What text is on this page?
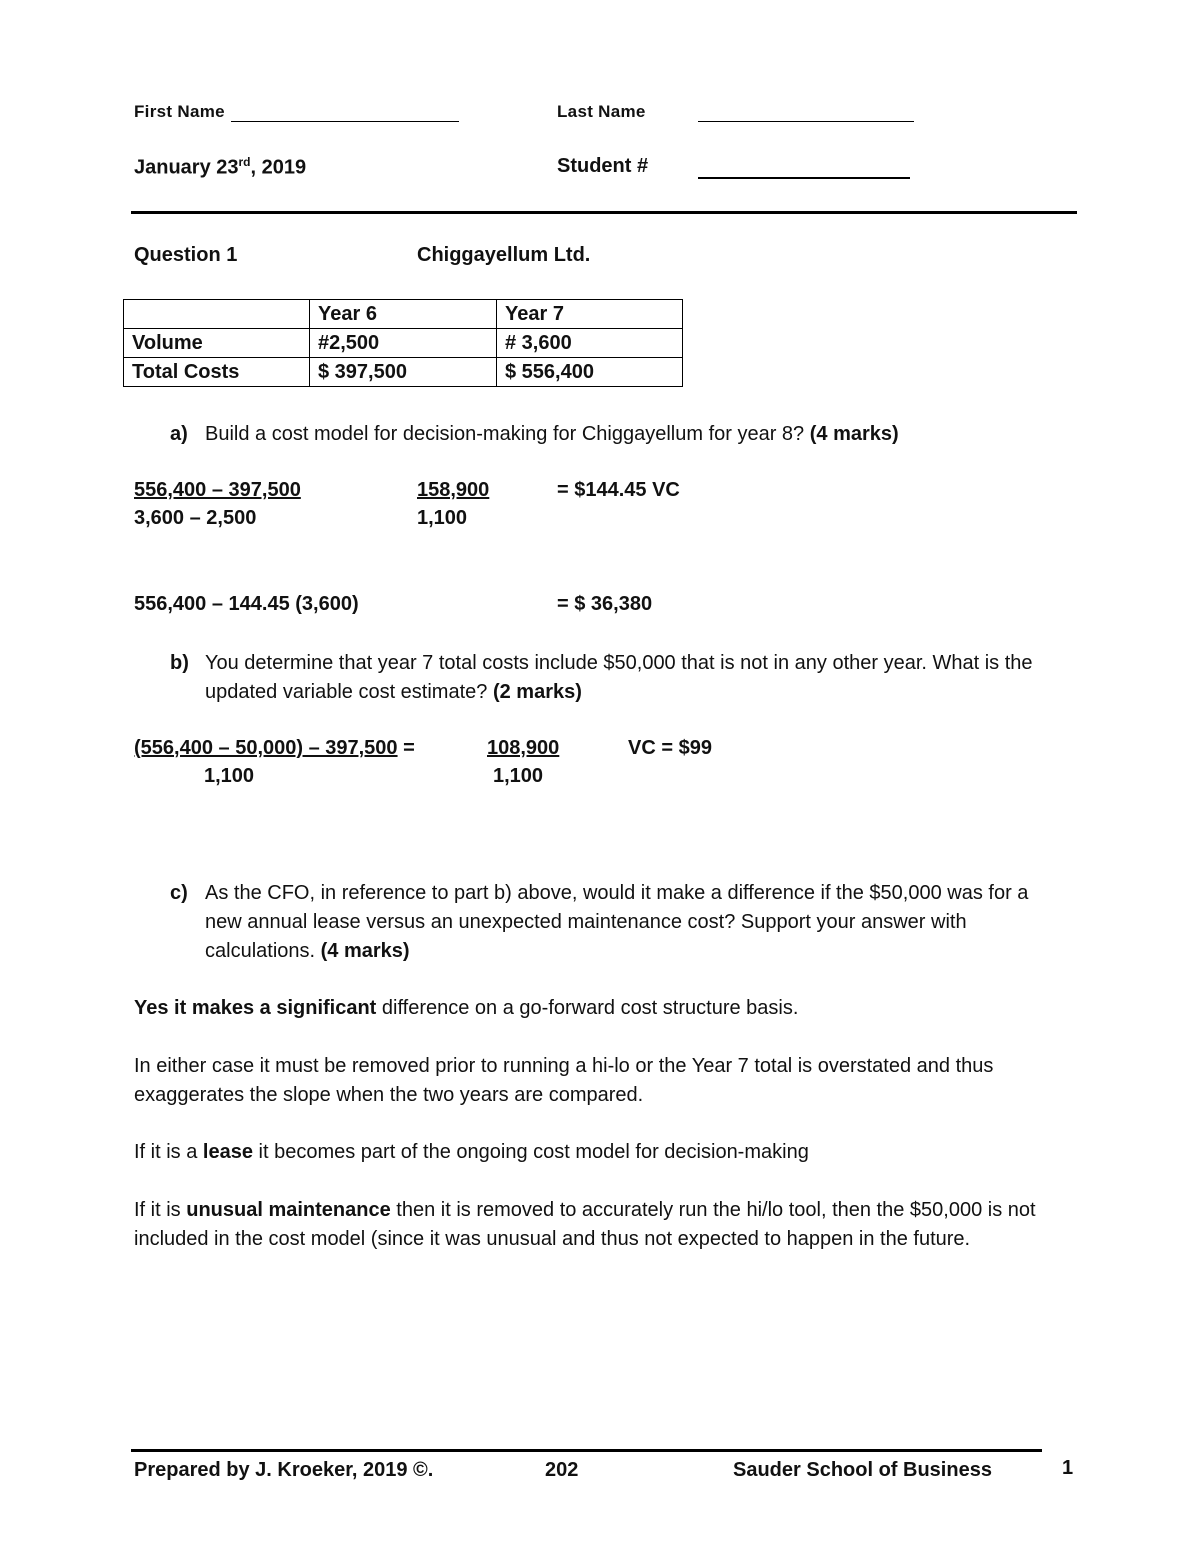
First Name	Last Name
January 23rd, 2019	Student #
Question 1	Chiggayellum Ltd.
	Year 6	Year 7
Volume	#2,500	# 3,600
Total Costs	$ 397,500	$ 556,400
a) Build a cost model for decision-making for Chiggayellum for year 8? (4 marks)
556,400 – 397,500
3,600 – 2,500
158,900
1,100
= $144.45 VC
556,400 – 144.45 (3,600)	= $ 36,380
b) You determine that year 7 total costs include $50,000 that is not in any other year. What is the updated variable cost estimate? (2 marks)
(556,400 – 50,000) – 397,500 =
1,100
108,900
1,100
VC = $99
c) As the CFO, in reference to part b) above, would it make a difference if the $50,000 was for a new annual lease versus an unexpected maintenance cost? Support your answer with calculations. (4 marks)
Yes it makes a significant difference on a go-forward cost structure basis.
In either case it must be removed prior to running a hi-lo or the Year 7 total is overstated and thus exaggerates the slope when the two years are compared.
If it is a lease it becomes part of the ongoing cost model for decision-making
If it is unusual maintenance then it is removed to accurately run the hi/lo tool, then the $50,000 is not included in the cost model (since it was unusual and thus not expected to happen in the future.
Prepared by J. Kroeker, 2019 ©.	202	Sauder School of Business	1
